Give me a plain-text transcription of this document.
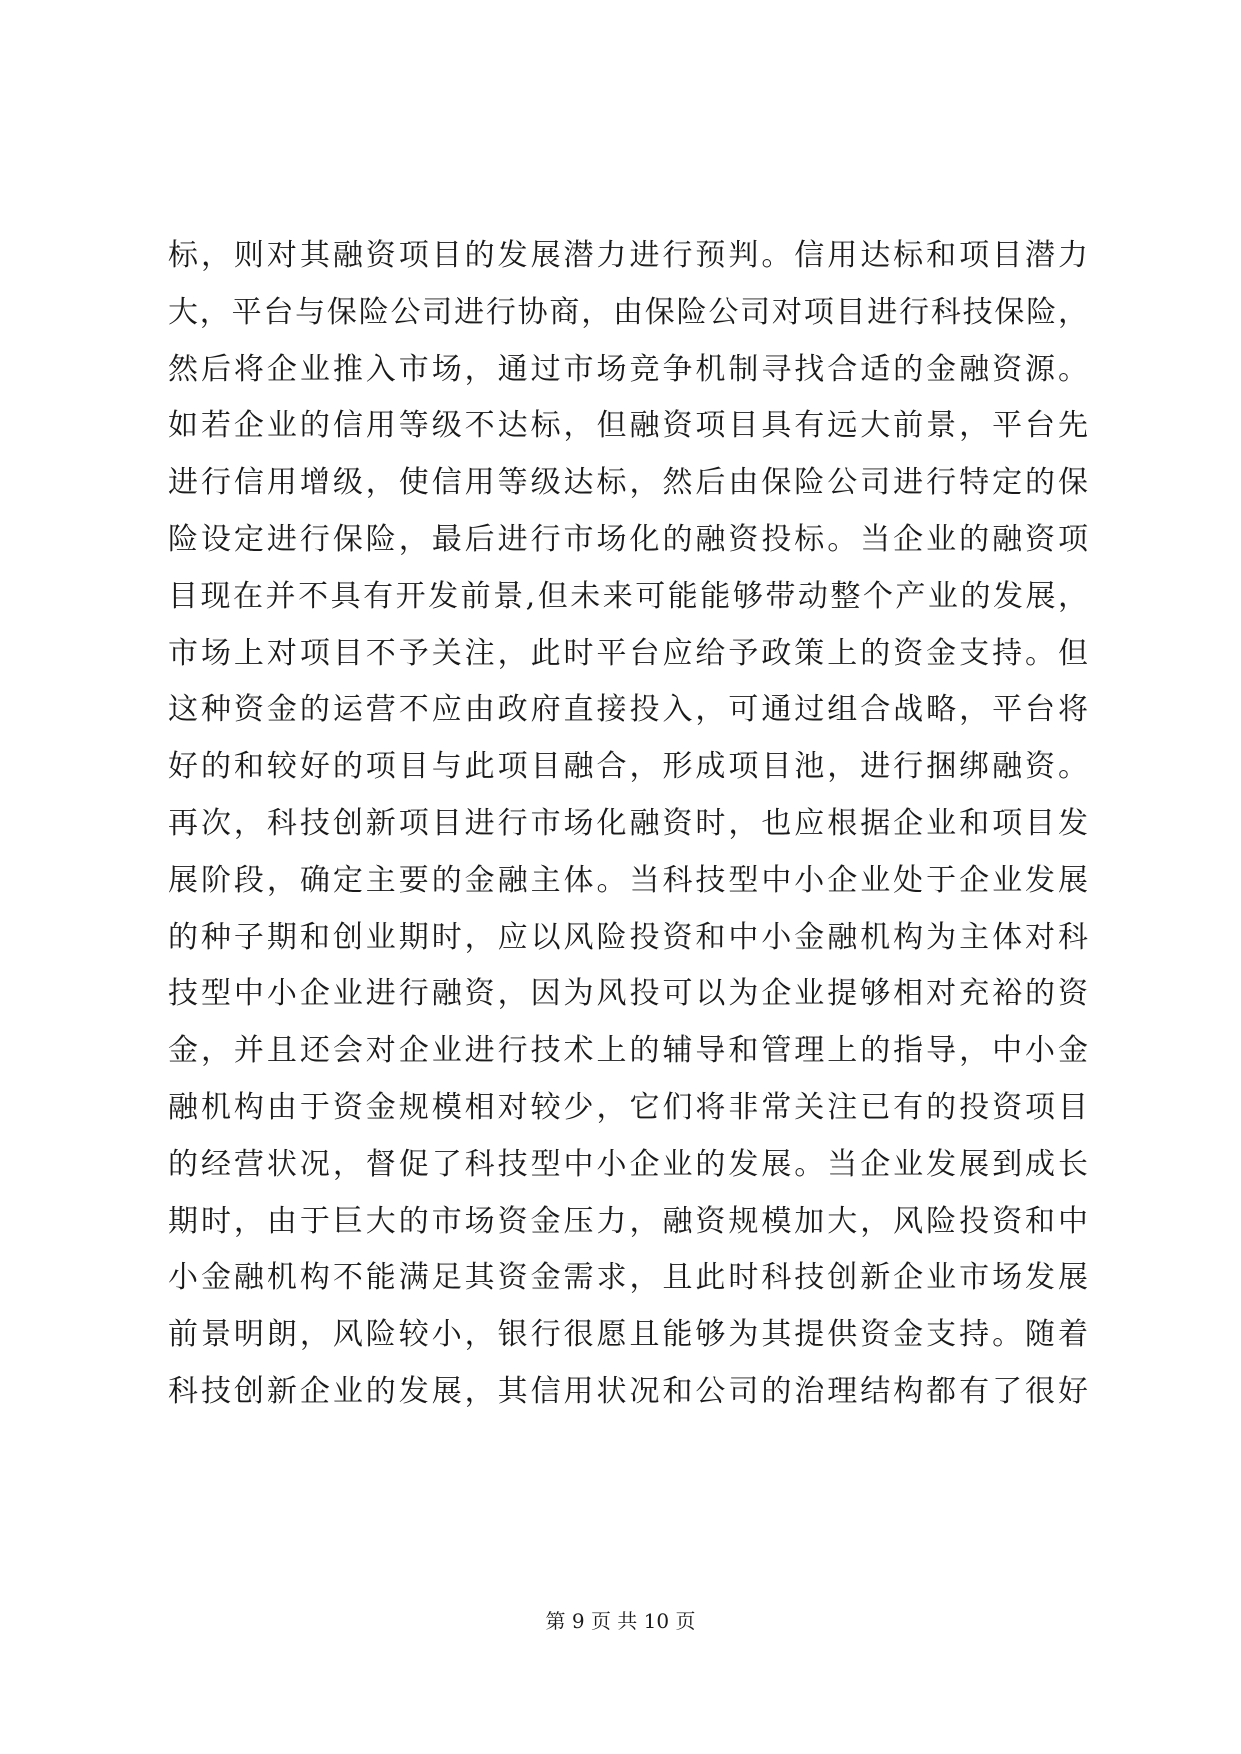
标，则对其融资项目的发展潜力进行预判。信用达标和项目潜力
大，平台与保险公司进行协商，由保险公司对项目进行科技保险，
然后将企业推入市场，通过市场竞争机制寻找合适的金融资源。
如若企业的信用等级不达标，但融资项目具有远大前景，平台先
进行信用增级，使信用等级达标，然后由保险公司进行特定的保
险设定进行保险，最后进行市场化的融资投标。当企业的融资项
目现在并不具有开发前景,但未来可能能够带动整个产业的发展，
市场上对项目不予关注，此时平台应给予政策上的资金支持。但
这种资金的运营不应由政府直接投入，可通过组合战略，平台将
好的和较好的项目与此项目融合，形成项目池，进行捆绑融资。
再次，科技创新项目进行市场化融资时，也应根据企业和项目发
展阶段，确定主要的金融主体。当科技型中小企业处于企业发展
的种子期和创业期时，应以风险投资和中小金融机构为主体对科
技型中小企业进行融资，因为风投可以为企业提够相对充裕的资
金，并且还会对企业进行技术上的辅导和管理上的指导，中小金
融机构由于资金规模相对较少，它们将非常关注已有的投资项目
的经营状况，督促了科技型中小企业的发展。当企业发展到成长
期时，由于巨大的市场资金压力，融资规模加大，风险投资和中
小金融机构不能满足其资金需求，且此时科技创新企业市场发展
前景明朗，风险较小，银行很愿且能够为其提供资金支持。随着
科技创新企业的发展，其信用状况和公司的治理结构都有了很好
第 9 页 共 10 页
